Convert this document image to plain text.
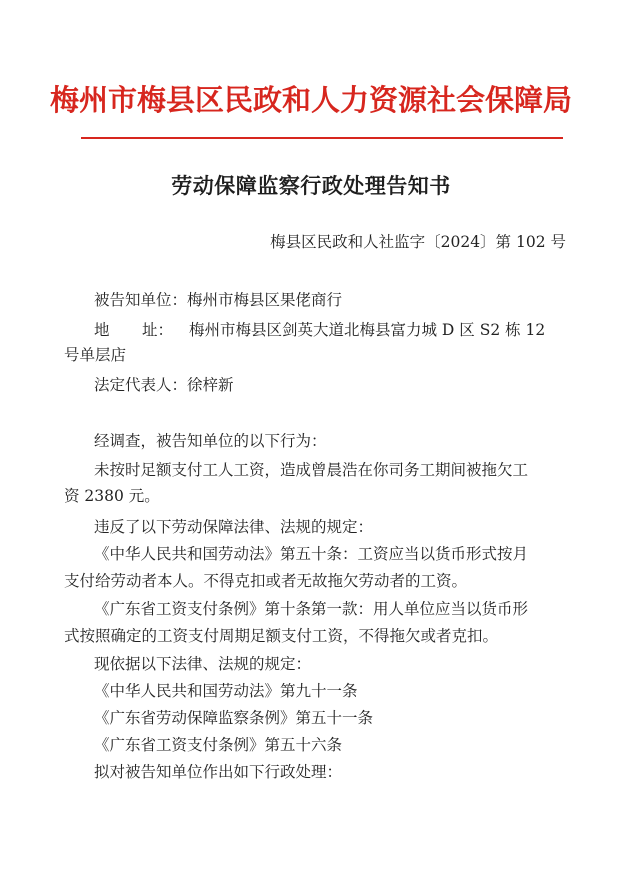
梅州市梅县区民政和人力资源社会保障局
劳动保障监察行政处理告知书
梅县区民政和人社监字〔2024〕第 102 号
被告知单位：梅州市梅县区果佬商行
地 址： 梅州市梅县区剑英大道北梅县富力城 D 区 S2 栋 12
号单层店
法定代表人：徐梓新
经调查，被告知单位的以下行为：
未按时足额支付工人工资，造成曾晨浩在你司务工期间被拖欠工
资 2380 元。
违反了以下劳动保障法律、法规的规定：
《中华人民共和国劳动法》第五十条：工资应当以货币形式按月
支付给劳动者本人。不得克扣或者无故拖欠劳动者的工资。
《广东省工资支付条例》第十条第一款：用人单位应当以货币形
式按照确定的工资支付周期足额支付工资，不得拖欠或者克扣。
现依据以下法律、法规的规定：
《中华人民共和国劳动法》第九十一条
《广东省劳动保障监察条例》第五十一条
《广东省工资支付条例》第五十六条
拟对被告知单位作出如下行政处理：
